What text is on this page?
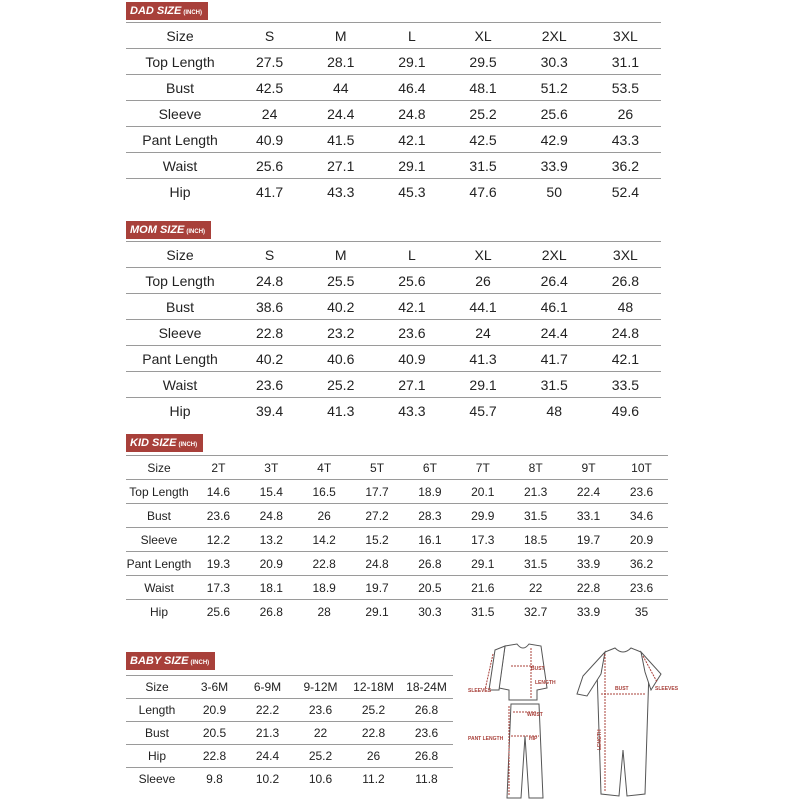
DAD SIZE (INCH)
Size	S	M	L	XL	2XL	3XL
Top Length	27.5	28.1	29.1	29.5	30.3	31.1
Bust	42.5	44	46.4	48.1	51.2	53.5
Sleeve	24	24.4	24.8	25.2	25.6	26
Pant Length	40.9	41.5	42.1	42.5	42.9	43.3
Waist	25.6	27.1	29.1	31.5	33.9	36.2
Hip	41.7	43.3	45.3	47.6	50	52.4
MOM SIZE (INCH)
Size	S	M	L	XL	2XL	3XL
Top Length	24.8	25.5	25.6	26	26.4	26.8
Bust	38.6	40.2	42.1	44.1	46.1	48
Sleeve	22.8	23.2	23.6	24	24.4	24.8
Pant Length	40.2	40.6	40.9	41.3	41.7	42.1
Waist	23.6	25.2	27.1	29.1	31.5	33.5
Hip	39.4	41.3	43.3	45.7	48	49.6
KID SIZE (INCH)
Size	2T	3T	4T	5T	6T	7T	8T	9T	10T
Top Length	14.6	15.4	16.5	17.7	18.9	20.1	21.3	22.4	23.6
Bust	23.6	24.8	26	27.2	28.3	29.9	31.5	33.1	34.6
Sleeve	12.2	13.2	14.2	15.2	16.1	17.3	18.5	19.7	20.9
Pant Length	19.3	20.9	22.8	24.8	26.8	29.1	31.5	33.9	36.2
Waist	17.3	18.1	18.9	19.7	20.5	21.6	22	22.8	23.6
Hip	25.6	26.8	28	29.1	30.3	31.5	32.7	33.9	35
BABY SIZE (INCH)
Size	3-6M	6-9M	9-12M	12-18M	18-24M
Length	20.9	22.2	23.6	25.2	26.8
Bust	20.5	21.3	22	22.8	23.6
Hip	22.8	24.4	25.2	26	26.8
Sleeve	9.8	10.2	10.6	11.2	11.8
SLEEVES
BUST
LENGTH
WAIST
HIP
PANT LENGTH
BUST	SLEEVES
LENGTH
